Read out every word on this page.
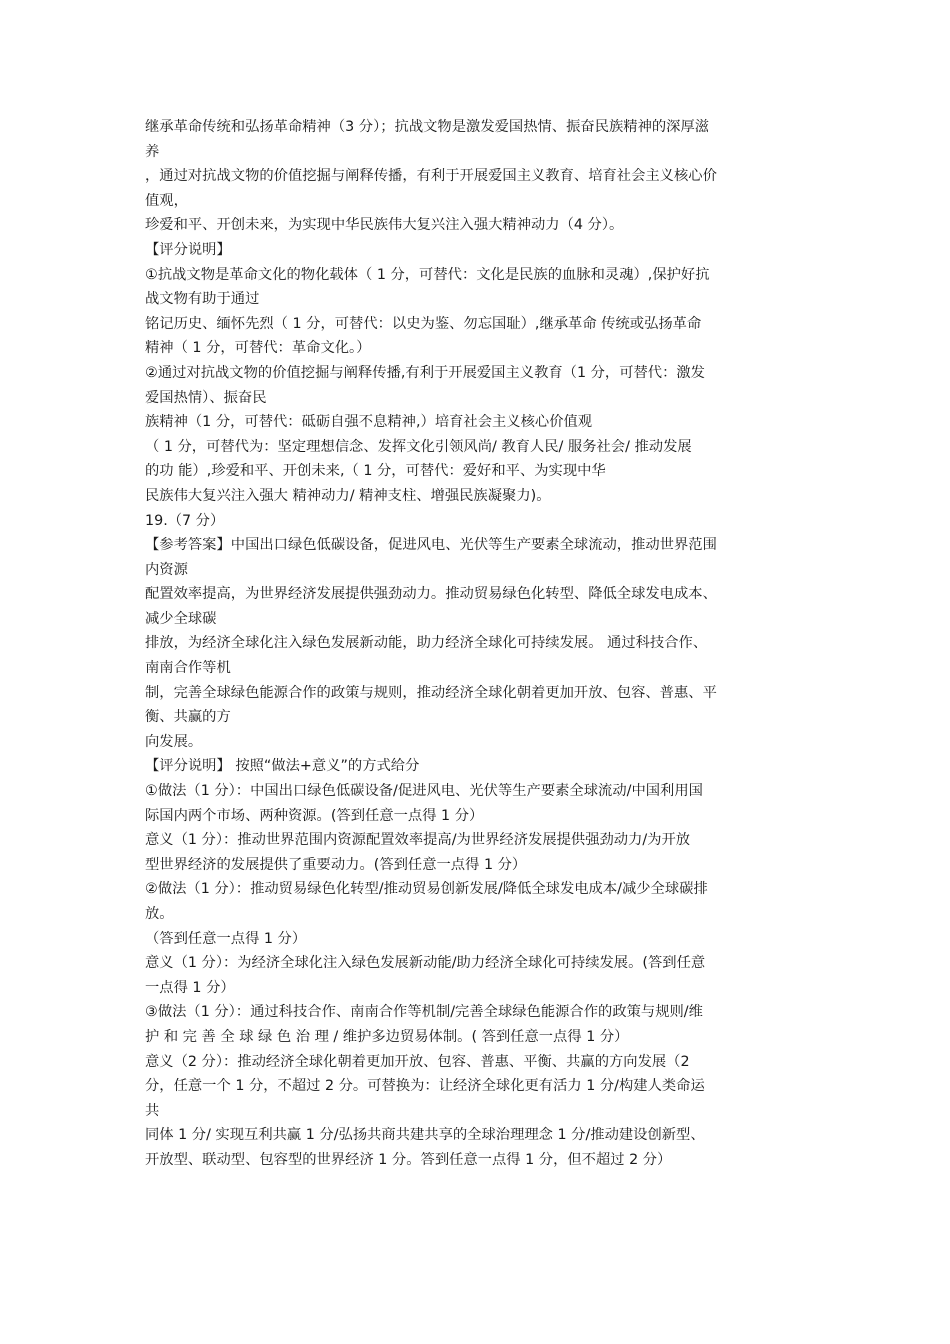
继承革命传统和弘扬革命精神（3 分）；抗战文物是激发爱国热情、振奋民族精神的深厚滋
养
，通过对抗战文物的价值挖掘与阐释传播，有利于开展爱国主义教育、培育社会主义核心价
值观，
珍爱和平、开创未来，为实现中华民族伟大复兴注入强大精神动力（4 分）。
【评分说明】
①抗战文物是革命文化的物化载体（ 1 分，可替代：文化是民族的血脉和灵魂）,保护好抗
战文物有助于通过
铭记历史、缅怀先烈（ 1 分，可替代：以史为鉴、勿忘国耻）,继承革命 传统或弘扬革命
精神（ 1 分，可替代：革命文化。）
②通过对抗战文物的价值挖掘与阐释传播,有利于开展爱国主义教育（1 分，可替代：激发
爱国热情）、振奋民
族精神（1 分，可替代：砥砺自强不息精神,）培育社会主义核心价值观
（ 1 分，可替代为：坚定理想信念、发挥文化引领风尚/ 教育人民/ 服务社会/ 推动发展
的功 能）,珍爱和平、开创未来,（ 1 分，可替代：爱好和平、为实现中华
民族伟大复兴注入强大 精神动力/ 精神支柱、增强民族凝聚力)。
19.（7 分）
【参考答案】中国出口绿色低碳设备，促进风电、光伏等生产要素全球流动，推动世界范围
内资源
配置效率提高，为世界经济发展提供强劲动力。推动贸易绿色化转型、降低全球发电成本、
减少全球碳
排放，为经济全球化注入绿色发展新动能，助力经济全球化可持续发展。 通过科技合作、
南南合作等机
制，完善全球绿色能源合作的政策与规则，推动经济全球化朝着更加开放、包容、普惠、平
衡、共赢的方
向发展。
【评分说明】 按照“做法+意义”的方式给分
①做法（1 分）：中国出口绿色低碳设备/促进风电、光伏等生产要素全球流动/中国利用国
际国内两个市场、两种资源。(答到任意一点得 1 分）
意义（1 分）：推动世界范围内资源配置效率提高/为世界经济发展提供强劲动力/为开放
型世界经济的发展提供了重要动力。(答到任意一点得 1 分）
②做法（1 分）：推动贸易绿色化转型/推动贸易创新发展/降低全球发电成本/减少全球碳排
放。
（答到任意一点得 1 分）
意义（1 分）：为经济全球化注入绿色发展新动能/助力经济全球化可持续发展。(答到任意
一点得 1 分）
③做法（1 分）：通过科技合作、南南合作等机制/完善全球绿色能源合作的政策与规则/维
护 和 完 善 全 球 绿 色 治 理 / 维护多边贸易体制。( 答到任意一点得 1 分）
意义（2 分）：推动经济全球化朝着更加开放、包容、普惠、平衡、共赢的方向发展（2
分，任意一个 1 分，不超过 2 分。可替换为：让经济全球化更有活力 1 分/构建人类命运
共
同体 1 分/ 实现互利共赢 1 分/弘扬共商共建共享的全球治理理念 1 分/推动建设创新型、
开放型、联动型、包容型的世界经济 1 分。答到任意一点得 1 分，但不超过 2 分）
